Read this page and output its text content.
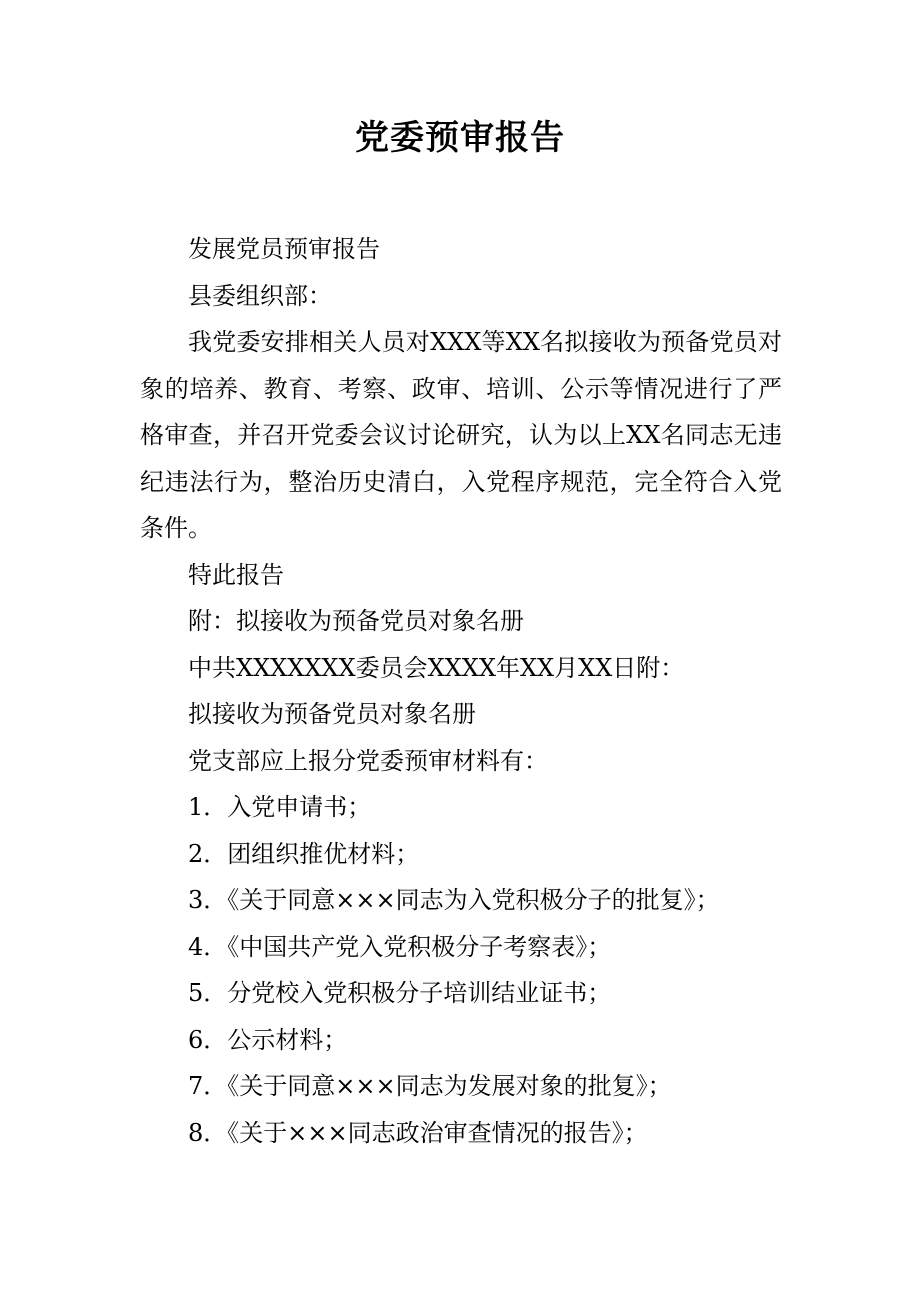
党委预审报告

发展党员预审报告

县委组织部：

我党委安排相关人员对XXX等XX名拟接收为预备党员对象的培养、教育、考察、政审、培训、公示等情况进行了严格审查，并召开党委会议讨论研究，认为以上XX名同志无违纪违法行为，整治历史清白，入党程序规范，完全符合入党条件。

特此报告

附：拟接收为预备党员对象名册

中共XXXXXXX委员会XXXX年XX月XX日附：

拟接收为预备党员对象名册

党支部应上报分党委预审材料有：

1．入党申请书；

2．团组织推优材料；

3．《关于同意×××同志为入党积极分子的批复》；

4．《中国共产党入党积极分子考察表》；

5．分党校入党积极分子培训结业证书；

6．公示材料；

7．《关于同意×××同志为发展对象的批复》；

8．《关于×××同志政治审查情况的报告》；
